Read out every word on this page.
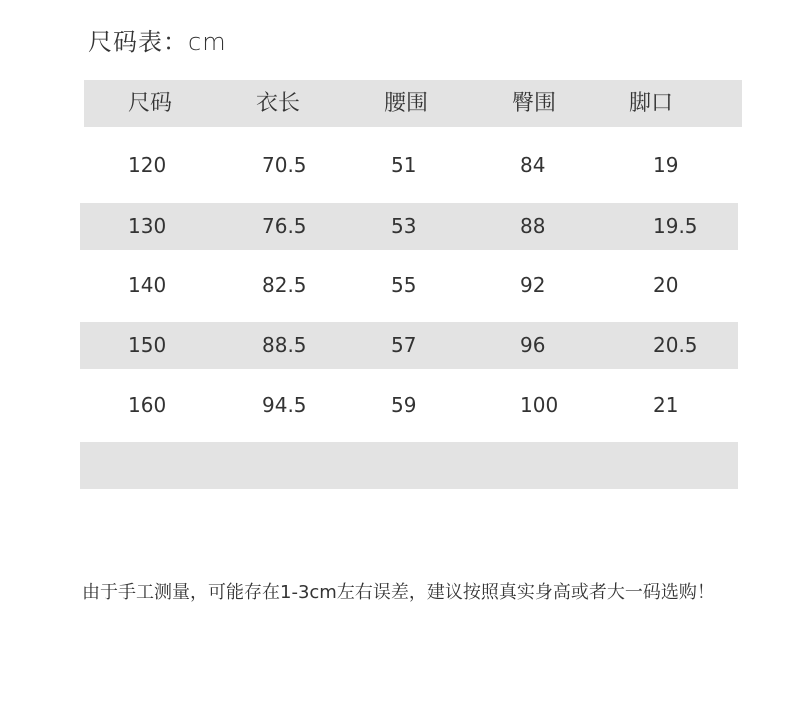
尺码表：cm
尺码	衣长	腰围	臀围	脚口
120	70.5	51	84	19
130	76.5	53	88	19.5
140	82.5	55	92	20
150	88.5	57	96	20.5
160	94.5	59	100	21
由于手工测量，可能存在1-3cm左右误差，建议按照真实身高或者大一码选购！
